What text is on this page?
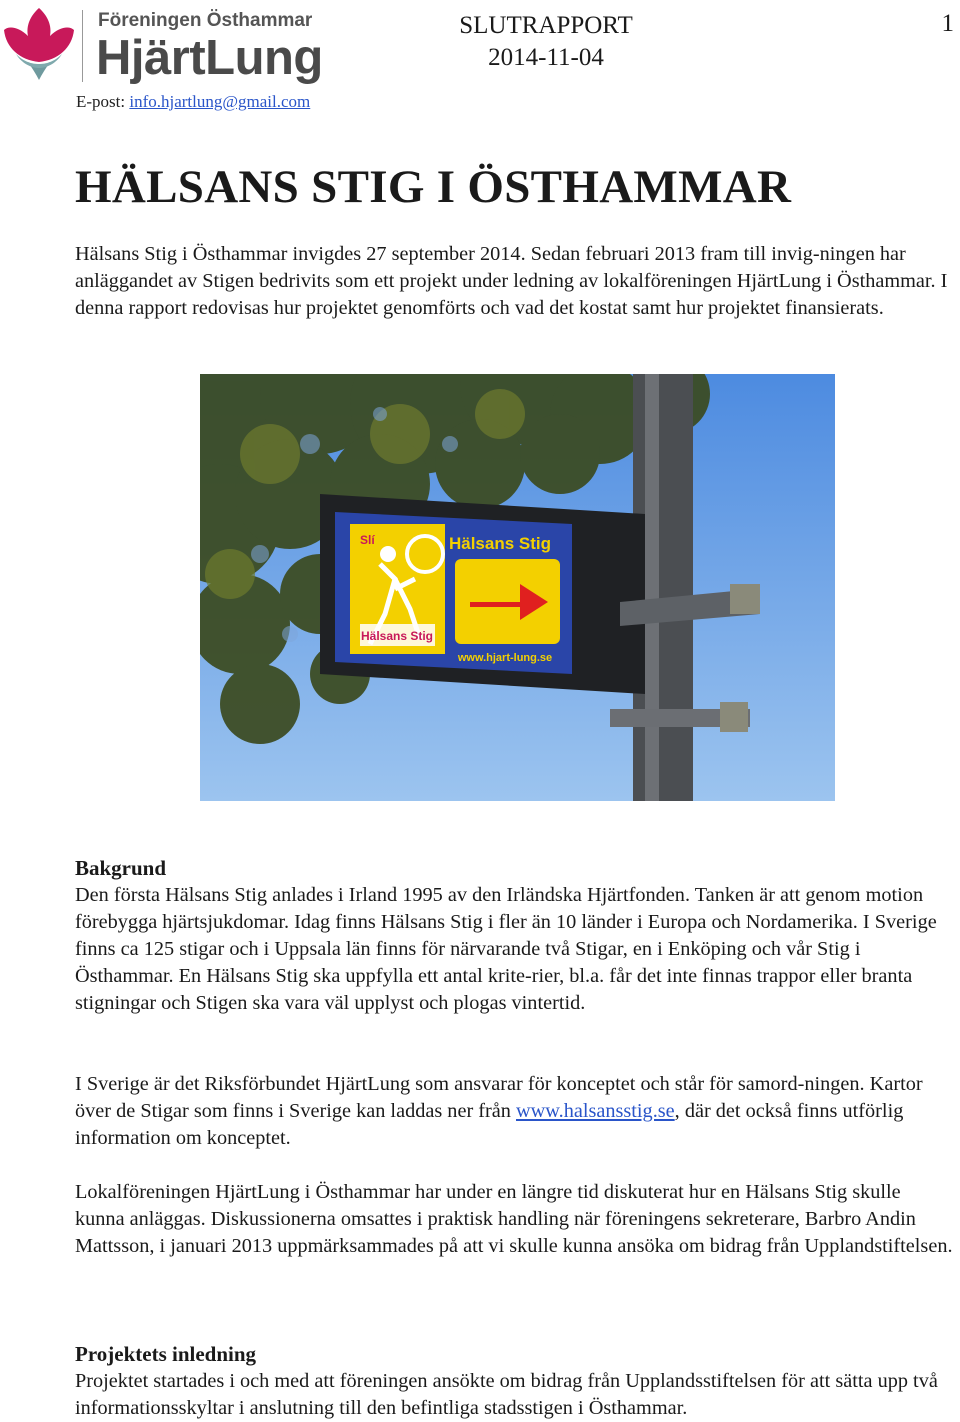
Föreningen Östhammar
HjärtLung
E-post: info.hjartlung@gmail.com
SLUTRAPPORT
2014-11-04
1
HÄLSANS STIG I ÖSTHAMMAR
Hälsans Stig i Östhammar invigdes 27 september 2014. Sedan februari 2013 fram till invig-ningen har anläggandet av Stigen bedrivits som ett projekt under ledning av lokalföreningen HjärtLung i Östhammar. I denna rapport redovisas hur projektet genomförts och vad det kostat samt hur projektet finansierats.
Hälsans Stig
Slí	Hälsans Stig
www.hjart-lung.se
Bakgrund
Den första Hälsans Stig anlades i Irland 1995 av den Irländska Hjärtfonden. Tanken är att genom motion förebygga hjärtsjukdomar. Idag finns Hälsans Stig i fler än 10 länder i Europa och Nordamerika. I Sverige finns ca 125 stigar och i Uppsala län finns för närvarande två Stigar, en i Enköping och vår Stig i Östhammar. En Hälsans Stig ska uppfylla ett antal krite-rier, bl.a. får det inte finnas trappor eller branta stigningar och Stigen ska vara väl upplyst och plogas vintertid.
I Sverige är det Riksförbundet HjärtLung som ansvarar för konceptet och står för samord-ningen. Kartor över de Stigar som finns i Sverige kan laddas ner från www.halsansstig.se, där det också finns utförlig information om konceptet.
Lokalföreningen HjärtLung i Östhammar har under en längre tid diskuterat hur en Hälsans Stig skulle kunna anläggas. Diskussionerna omsattes i praktisk handling när föreningens sekreterare, Barbro Andin Mattsson, i januari 2013 uppmärksammades på att vi skulle kunna ansöka om bidrag från Upplandstiftelsen.
Projektets inledning
Projektet startades i och med att föreningen ansökte om bidrag från Upplandsstiftelsen för att sätta upp två informationsskyltar i anslutning till den befintliga stadsstigen i Östhammar.
